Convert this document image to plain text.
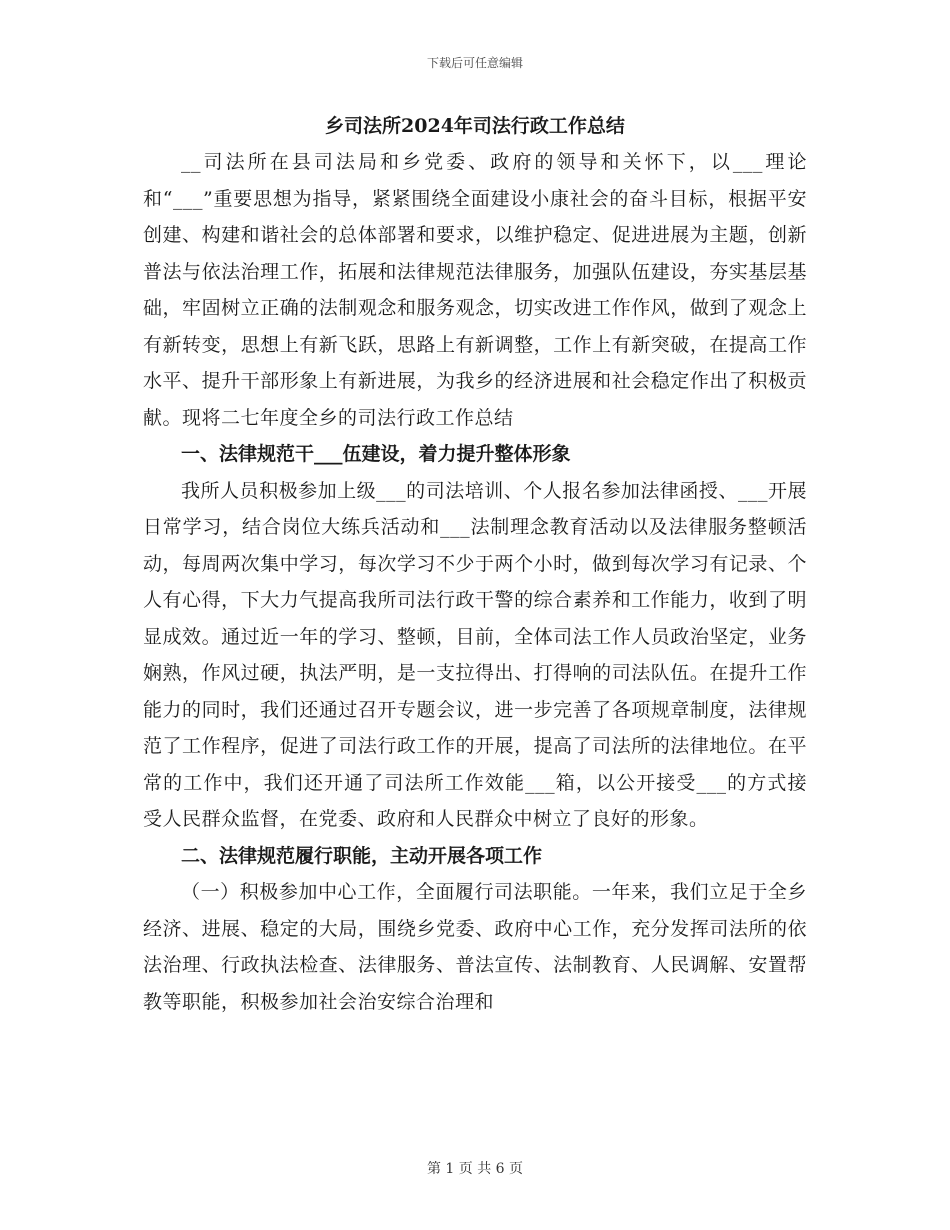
下载后可任意编辑
乡司法所2024年司法行政工作总结

__司法所在县司法局和乡党委、政府的领导和关怀下，以___理论和“___”重要思想为指导，紧紧围绕全面建设小康社会的奋斗目标，根据平安创建、构建和谐社会的总体部署和要求，以维护稳定、促进进展为主题，创新普法与依法治理工作，拓展和法律规范法律服务，加强队伍建设，夯实基层基础，牢固树立正确的法制观念和服务观念，切实改进工作作风，做到了观念上有新转变，思想上有新飞跃，思路上有新调整，工作上有新突破，在提高工作水平、提升干部形象上有新进展，为我乡的经济进展和社会稳定作出了积极贡献。现将二七年度全乡的司法行政工作总结

一、法律规范干___伍建设，着力提升整体形象

我所人员积极参加上级___的司法培训、个人报名参加法律函授、___开展日常学习，结合岗位大练兵活动和___法制理念教育活动以及法律服务整顿活动，每周两次集中学习，每次学习不少于两个小时，做到每次学习有记录、个人有心得，下大力气提高我所司法行政干警的综合素养和工作能力，收到了明显成效。通过近一年的学习、整顿，目前，全体司法工作人员政治坚定，业务娴熟，作风过硬，执法严明，是一支拉得出、打得响的司法队伍。在提升工作能力的同时，我们还通过召开专题会议，进一步完善了各项规章制度，法律规范了工作程序，促进了司法行政工作的开展，提高了司法所的法律地位。在平常的工作中，我们还开通了司法所工作效能___箱，以公开接受___的方式接受人民群众监督，在党委、政府和人民群众中树立了良好的形象。

二、法律规范履行职能，主动开展各项工作

（一）积极参加中心工作，全面履行司法职能。一年来，我们立足于全乡经济、进展、稳定的大局，围绕乡党委、政府中心工作，充分发挥司法所的依法治理、行政执法检查、法律服务、普法宣传、法制教育、人民调解、安置帮教等职能，积极参加社会治安综合治理和

第 1 页 共 6 页
